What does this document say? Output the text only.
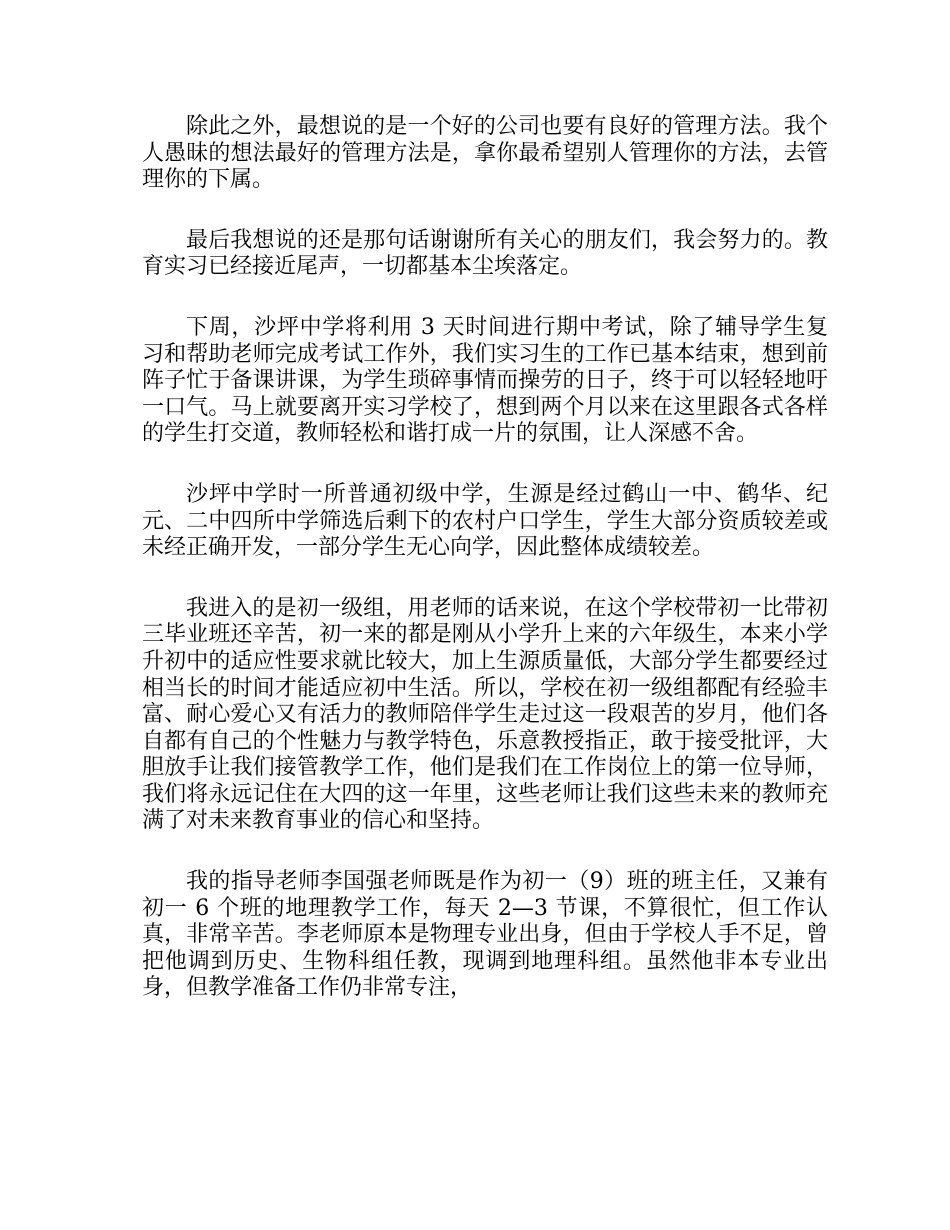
除此之外，最想说的是一个好的公司也要有良好的管理方法。我个人愚昧的想法最好的管理方法是，拿你最希望别人管理你的方法，去管理你的下属。

最后我想说的还是那句话谢谢所有关心的朋友们，我会努力的。教育实习已经接近尾声，一切都基本尘埃落定。

下周，沙坪中学将利用 3 天时间进行期中考试，除了辅导学生复习和帮助老师完成考试工作外，我们实习生的工作已基本结束，想到前阵子忙于备课讲课，为学生琐碎事情而操劳的日子，终于可以轻轻地吁一口气。马上就要离开实习学校了，想到两个月以来在这里跟各式各样的学生打交道，教师轻松和谐打成一片的氛围，让人深感不舍。

沙坪中学时一所普通初级中学，生源是经过鹤山一中、鹤华、纪元、二中四所中学筛选后剩下的农村户口学生，学生大部分资质较差或未经正确开发，一部分学生无心向学，因此整体成绩较差。

我进入的是初一级组，用老师的话来说，在这个学校带初一比带初三毕业班还辛苦，初一来的都是刚从小学升上来的六年级生，本来小学升初中的适应性要求就比较大，加上生源质量低，大部分学生都要经过相当长的时间才能适应初中生活。所以，学校在初一级组都配有经验丰富、耐心爱心又有活力的教师陪伴学生走过这一段艰苦的岁月，他们各自都有自己的个性魅力与教学特色，乐意教授指正，敢于接受批评，大胆放手让我们接管教学工作，他们是我们在工作岗位上的第一位导师，我们将永远记住在大四的这一年里，这些老师让我们这些未来的教师充满了对未来教育事业的信心和坚持。

我的指导老师李国强老师既是作为初一（9）班的班主任，又兼有初一 6 个班的地理教学工作，每天 2—3 节课，不算很忙，但工作认真，非常辛苦。李老师原本是物理专业出身，但由于学校人手不足，曾把他调到历史、生物科组任教，现调到地理科组。虽然他非本专业出身，但教学准备工作仍非常专注，
